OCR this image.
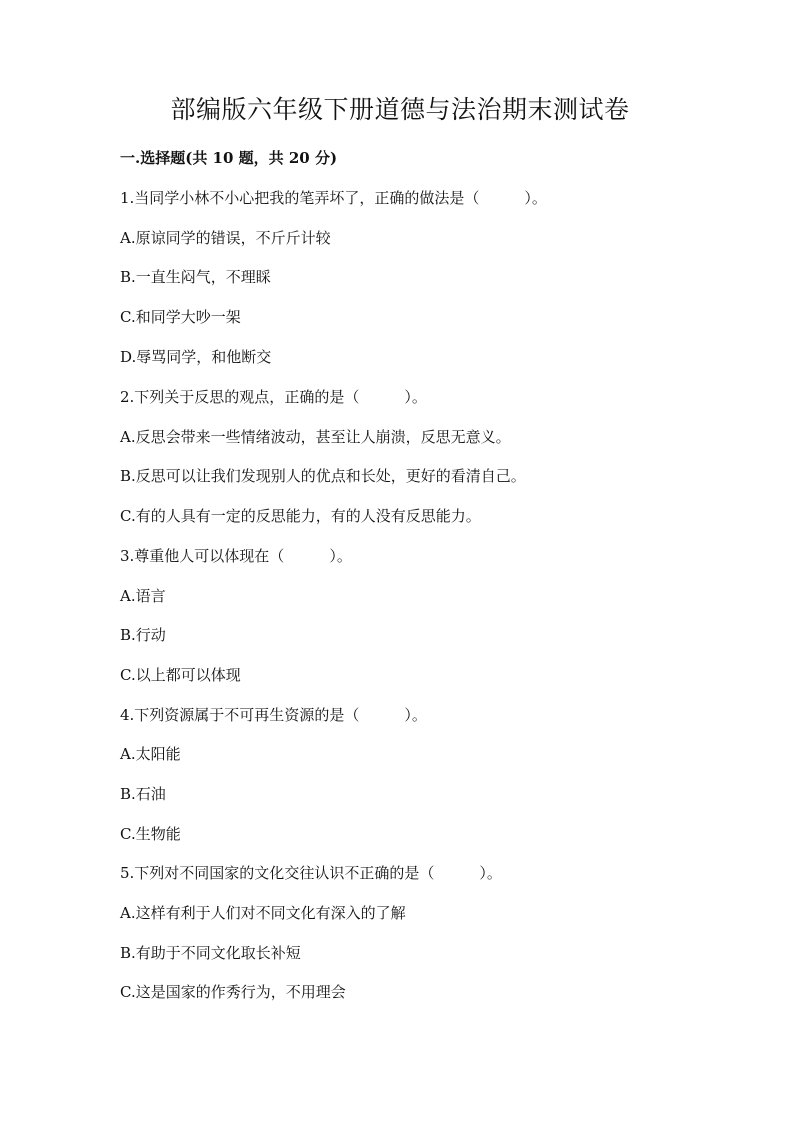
部编版六年级下册道德与法治期末测试卷

一.选择题(共 10 题，共 20 分)

1.当同学小林不小心把我的笔弄坏了，正确的做法是（　　　）。

A.原谅同学的错误，不斤斤计较

B.一直生闷气，不理睬

C.和同学大吵一架

D.辱骂同学，和他断交

2.下列关于反思的观点，正确的是（　　　）。

A.反思会带来一些情绪波动，甚至让人崩溃，反思无意义。

B.反思可以让我们发现别人的优点和长处，更好的看清自己。

C.有的人具有一定的反思能力，有的人没有反思能力。

3.尊重他人可以体现在（　　　）。

A.语言

B.行动

C.以上都可以体现

4.下列资源属于不可再生资源的是（　　　）。

A.太阳能

B.石油

C.生物能

5.下列对不同国家的文化交往认识不正确的是（　　　）。

A.这样有利于人们对不同文化有深入的了解

B.有助于不同文化取长补短

C.这是国家的作秀行为，不用理会
